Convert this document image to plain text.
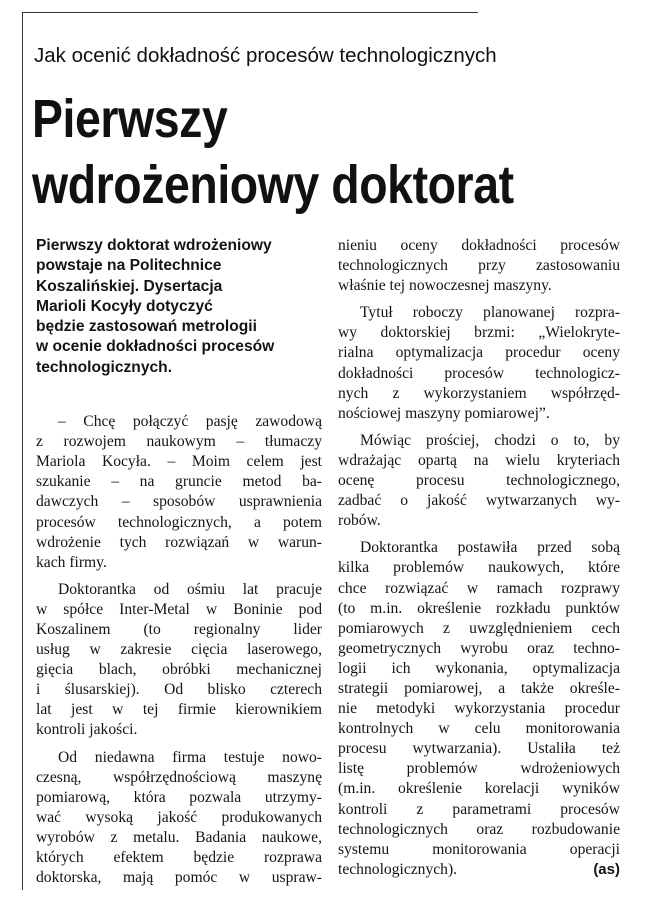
Jak ocenić dokładność procesów technologicznych
Pierwszy
wdrożeniowy doktorat
Pierwszy doktorat wdrożeniowy
powstaje na Politechnice
Koszalińskiej. Dysertacja
Marioli Kocyły dotyczyć
będzie zastosowań metrologii
w ocenie dokładności procesów
technologicznych.
– Chcę połączyć pasję zawodową
z rozwojem naukowym – tłumaczy
Mariola Kocyła. – Moim celem jest
szukanie – na gruncie metod ba-
dawczych – sposobów usprawnienia
procesów technologicznych, a potem
wdrożenie tych rozwiązań w warun-
kach firmy.
Doktorantka od ośmiu lat pracuje
w spółce Inter-Metal w Boninie pod
Koszalinem (to regionalny lider
usług w zakresie cięcia laserowego,
gięcia blach, obróbki mechanicznej
i ślusarskiej). Od blisko czterech
lat jest w tej firmie kierownikiem
kontroli jakości.
Od niedawna firma testuje nowo-
czesną, współrzędnościową maszynę
pomiarową, która pozwala utrzymy-
wać wysoką jakość produkowanych
wyrobów z metalu. Badania naukowe,
których efektem będzie rozprawa
doktorska, mają pomóc w uspraw-
nieniu oceny dokładności procesów
technologicznych przy zastosowaniu
właśnie tej nowoczesnej maszyny.
Tytuł roboczy planowanej rozpra-
wy doktorskiej brzmi: „Wielokryte-
rialna optymalizacja procedur oceny
dokładności procesów technologicz-
nych z wykorzystaniem współrzęd-
nościowej maszyny pomiarowej”.
Mówiąc prościej, chodzi o to, by
wdrażając opartą na wielu kryteriach
ocenę procesu technologicznego,
zadbać o jakość wytwarzanych wy-
robów.
Doktorantka postawiła przed sobą
kilka problemów naukowych, które
chce rozwiązać w ramach rozprawy
(to m.in. określenie rozkładu punktów
pomiarowych z uwzględnieniem cech
geometrycznych wyrobu oraz techno-
logii ich wykonania, optymalizacja
strategii pomiarowej, a także określe-
nie metodyki wykorzystania procedur
kontrolnych w celu monitorowania
procesu wytwarzania). Ustaliła też
listę problemów wdrożeniowych
(m.in. określenie korelacji wyników
kontroli z parametrami procesów
technologicznych oraz rozbudowanie
systemu monitorowania operacji
technologicznych).	(as)
